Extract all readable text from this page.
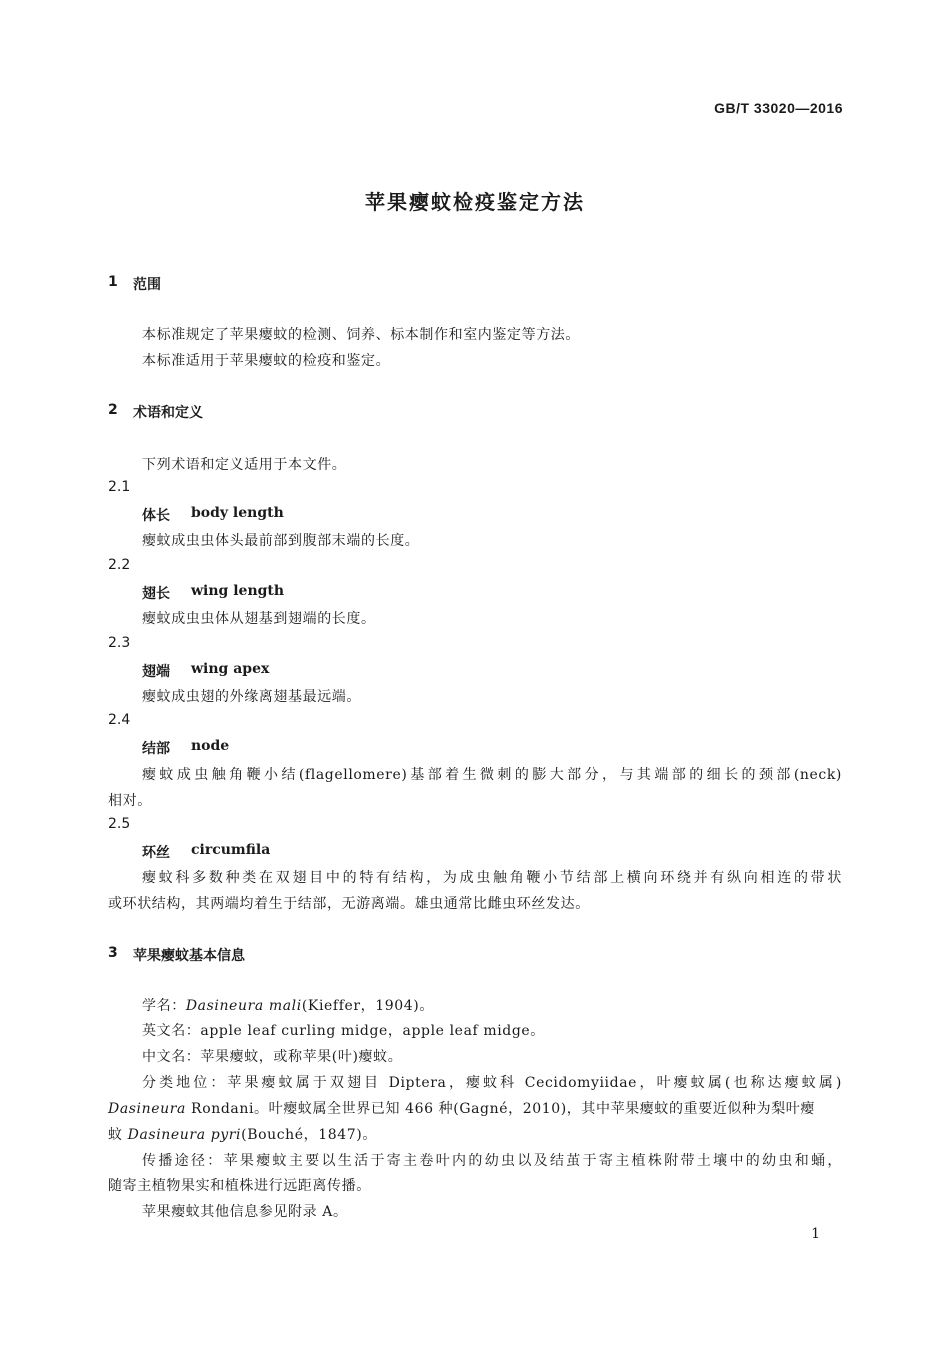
GB/T 33020—2016
苹果瘿蚊检疫鉴定方法
1 范围
本标准规定了苹果瘿蚊的检测、饲养、标本制作和室内鉴定等方法。
本标准适用于苹果瘿蚊的检疫和鉴定。
2 术语和定义
下列术语和定义适用于本文件。
2.1
体长 body length
瘿蚊成虫虫体头最前部到腹部末端的长度。
2.2
翅长 wing length
瘿蚊成虫虫体从翅基到翅端的长度。
2.3
翅端 wing apex
瘿蚊成虫翅的外缘离翅基最远端。
2.4
结部 node
瘿蚊成虫触角鞭小结(flagellomere)基部着生微刺的膨大部分，与其端部的细长的颈部(neck)
相对。
2.5
环丝 circumfila
瘿蚊科多数种类在双翅目中的特有结构，为成虫触角鞭小节结部上横向环绕并有纵向相连的带状
或环状结构，其两端均着生于结部，无游离端。雄虫通常比雌虫环丝发达。
3 苹果瘿蚊基本信息
学名：Dasineura mali(Kieffer，1904)。
英文名：apple leaf curling midge，apple leaf midge。
中文名：苹果瘿蚊，或称苹果(叶)瘿蚊。
分类地位：苹果瘿蚊属于双翅目 Diptera，瘿蚊科 Cecidomyiidae，叶瘿蚊属(也称达瘿蚊属)
Dasineura Rondani。叶瘿蚊属全世界已知 466 种(Gagné，2010)，其中苹果瘿蚊的重要近似种为梨叶瘿
蚊 Dasineura pyri(Bouché，1847)。
传播途径：苹果瘿蚊主要以生活于寄主卷叶内的幼虫以及结茧于寄主植株附带土壤中的幼虫和蛹，
随寄主植物果实和植株进行远距离传播。
苹果瘿蚊其他信息参见附录 A。
1
